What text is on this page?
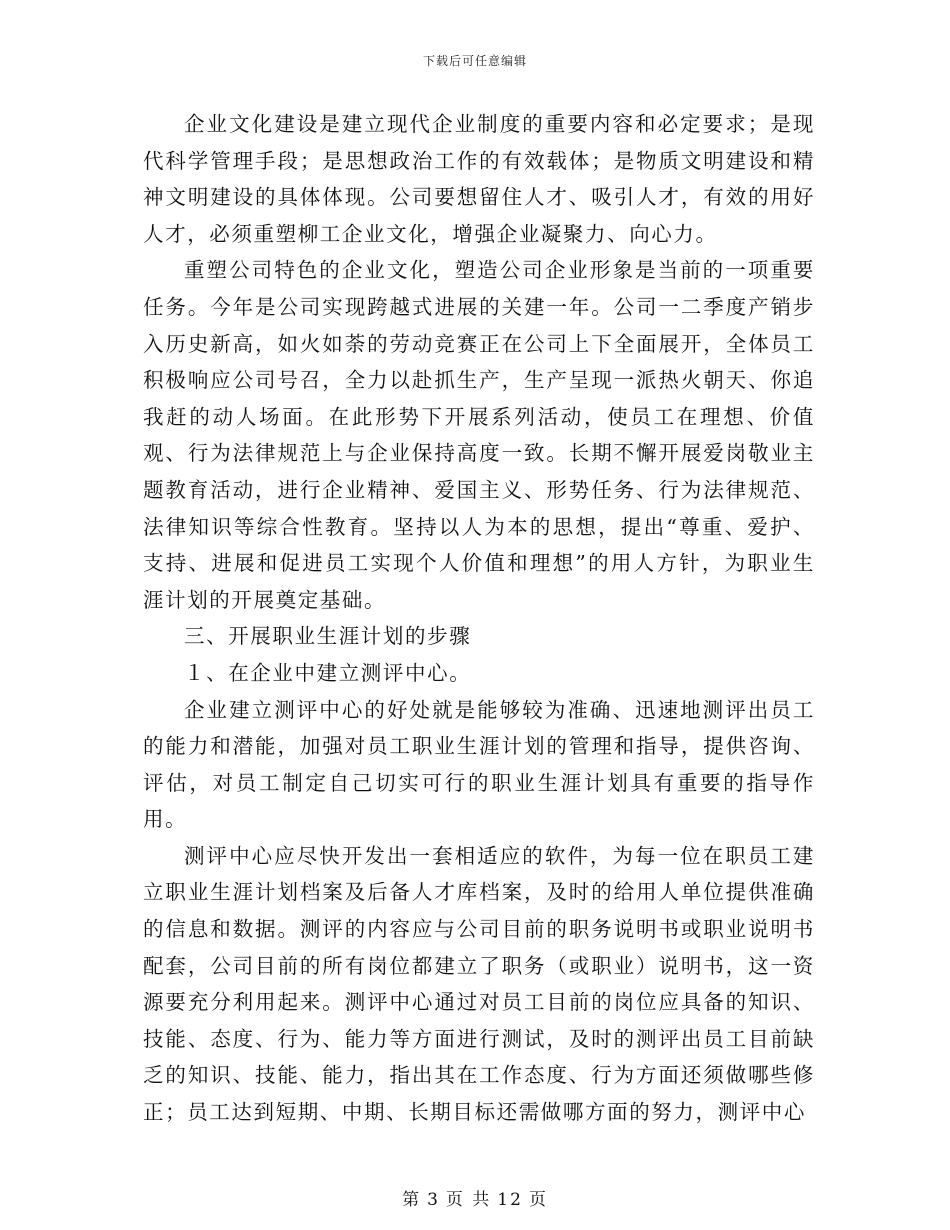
下载后可任意编辑

企业文化建设是建立现代企业制度的重要内容和必定要求；是现代科学管理手段；是思想政治工作的有效载体；是物质文明建设和精神文明建设的具体体现。公司要想留住人才、吸引人才，有效的用好人才，必须重塑柳工企业文化，增强企业凝聚力、向心力。

重塑公司特色的企业文化，塑造公司企业形象是当前的一项重要任务。今年是公司实现跨越式进展的关建一年。公司一二季度产销步入历史新高，如火如荼的劳动竞赛正在公司上下全面展开，全体员工积极响应公司号召，全力以赴抓生产，生产呈现一派热火朝天、你追我赶的动人场面。在此形势下开展系列活动，使员工在理想、价值观、行为法律规范上与企业保持高度一致。长期不懈开展爱岗敬业主题教育活动，进行企业精神、爱国主义、形势任务、行为法律规范、法律知识等综合性教育。坚持以人为本的思想，提出“尊重、爱护、支持、进展和促进员工实现个人价值和理想”的用人方针，为职业生涯计划的开展奠定基础。

三、开展职业生涯计划的步骤

１、在企业中建立测评中心。

企业建立测评中心的好处就是能够较为准确、迅速地测评出员工的能力和潜能，加强对员工职业生涯计划的管理和指导，提供咨询、评估，对员工制定自己切实可行的职业生涯计划具有重要的指导作用。

测评中心应尽快开发出一套相适应的软件，为每一位在职员工建立职业生涯计划档案及后备人才库档案，及时的给用人单位提供准确的信息和数据。测评的内容应与公司目前的职务说明书或职业说明书配套，公司目前的所有岗位都建立了职务（或职业）说明书，这一资源要充分利用起来。测评中心通过对员工目前的岗位应具备的知识、技能、态度、行为、能力等方面进行测试，及时的测评出员工目前缺乏的知识、技能、能力，指出其在工作态度、行为方面还须做哪些修正；员工达到短期、中期、长期目标还需做哪方面的努力，测评中心

第 3 页 共 12 页
